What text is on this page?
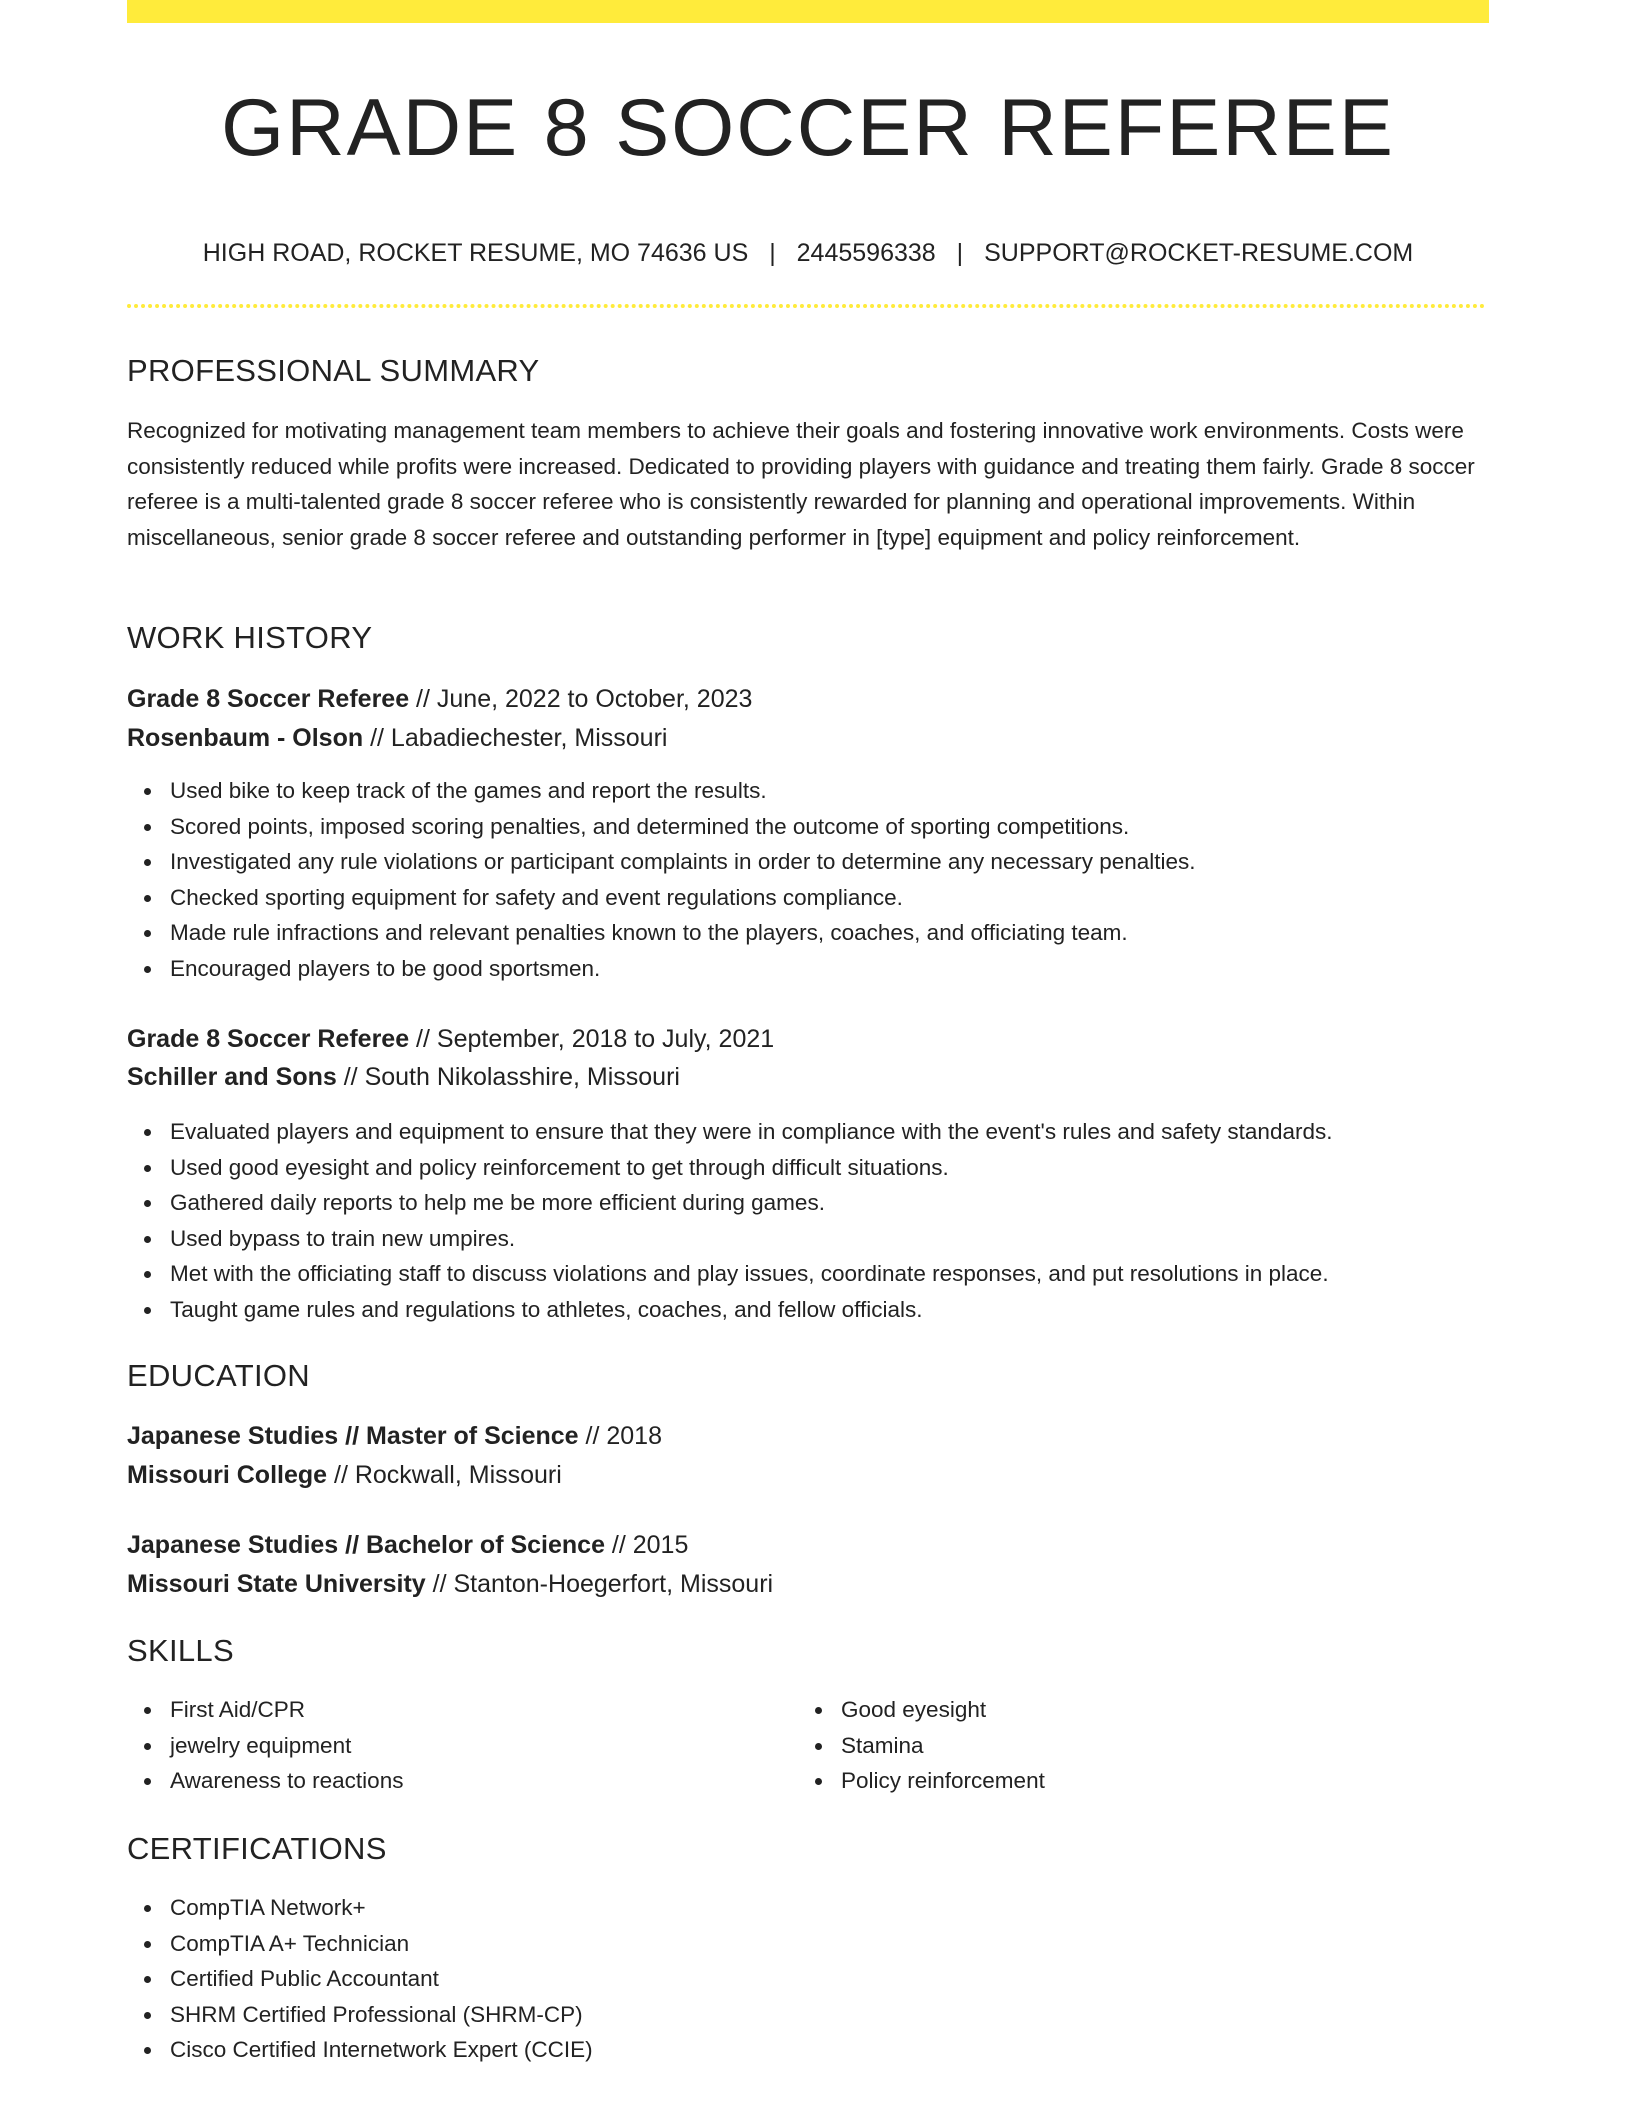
GRADE 8 SOCCER REFEREE
HIGH ROAD, ROCKET RESUME, MO 74636 US | 2445596338 | SUPPORT@ROCKET-RESUME.COM
PROFESSIONAL SUMMARY

Recognized for motivating management team members to achieve their goals and fostering innovative work environments. Costs were consistently reduced while profits were increased. Dedicated to providing players with guidance and treating them fairly. Grade 8 soccer referee is a multi-talented grade 8 soccer referee who is consistently rewarded for planning and operational improvements. Within miscellaneous, senior grade 8 soccer referee and outstanding performer in [type] equipment and policy reinforcement.

WORK HISTORY
Grade 8 Soccer Referee // June, 2022 to October, 2023
Rosenbaum - Olson // Labadiechester, Missouri
Used bike to keep track of the games and report the results.
Scored points, imposed scoring penalties, and determined the outcome of sporting competitions.
Investigated any rule violations or participant complaints in order to determine any necessary penalties.
Checked sporting equipment for safety and event regulations compliance.
Made rule infractions and relevant penalties known to the players, coaches, and officiating team.
Encouraged players to be good sportsmen.
Grade 8 Soccer Referee // September, 2018 to July, 2021
Schiller and Sons // South Nikolasshire, Missouri
Evaluated players and equipment to ensure that they were in compliance with the event's rules and safety standards.
Used good eyesight and policy reinforcement to get through difficult situations.
Gathered daily reports to help me be more efficient during games.
Used bypass to train new umpires.
Met with the officiating staff to discuss violations and play issues, coordinate responses, and put resolutions in place.
Taught game rules and regulations to athletes, coaches, and fellow officials.
EDUCATION
Japanese Studies // Master of Science // 2018
Missouri College // Rockwall, Missouri
Japanese Studies // Bachelor of Science // 2015
Missouri State University // Stanton-Hoegerfort, Missouri
SKILLS
First Aid/CPR
jewelry equipment
Awareness to reactions
Good eyesight
Stamina
Policy reinforcement
CERTIFICATIONS
CompTIA Network+
CompTIA A+ Technician
Certified Public Accountant
SHRM Certified Professional (SHRM-CP)
Cisco Certified Internetwork Expert (CCIE)
